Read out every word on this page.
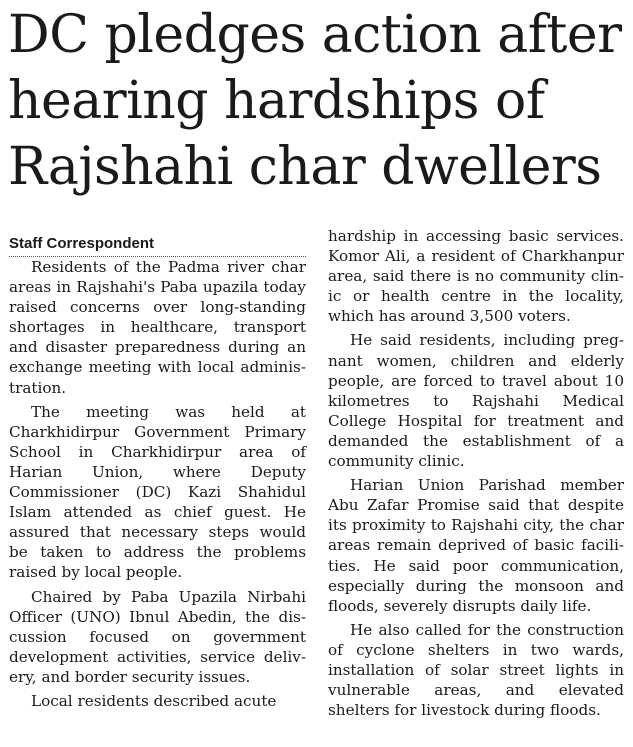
DC pledges action after
hearing hardships of
Rajshahi char dwellers
Staff Correspondent

Residents of the Padma river char areas in Rajshahi's Paba upazila today raised concerns over long-standing shortages in healthcare, transport and disaster preparedness during an exchange meeting with local administration.

The meeting was held at Charkhidirpur Government Primary School in Charkhidirpur area of Harian Union, where Deputy Commissioner (DC) Kazi Shahidul Islam attended as chief guest. He assured that necessary steps would be taken to address the problems raised by local people.

Chaired by Paba Upazila Nirbahi Officer (UNO) Ibnul Abedin, the discussion focused on government development activities, service delivery, and border security issues.

Local residents described acute

hardship in accessing basic services. Komor Ali, a resident of Charkhanpur area, said there is no community clinic or health centre in the locality, which has around 3,500 voters.

He said residents, including pregnant women, children and elderly people, are forced to travel about 10 kilometres to Rajshahi Medical College Hospital for treatment and demanded the establishment of a community clinic.

Harian Union Parishad member Abu Zafar Promise said that despite its proximity to Rajshahi city, the char areas remain deprived of basic facilities. He said poor communication, especially during the monsoon and floods, severely disrupts daily life.

He also called for the construction of cyclone shelters in two wards, installation of solar street lights in vulnerable areas, and elevated shelters for livestock during floods.
